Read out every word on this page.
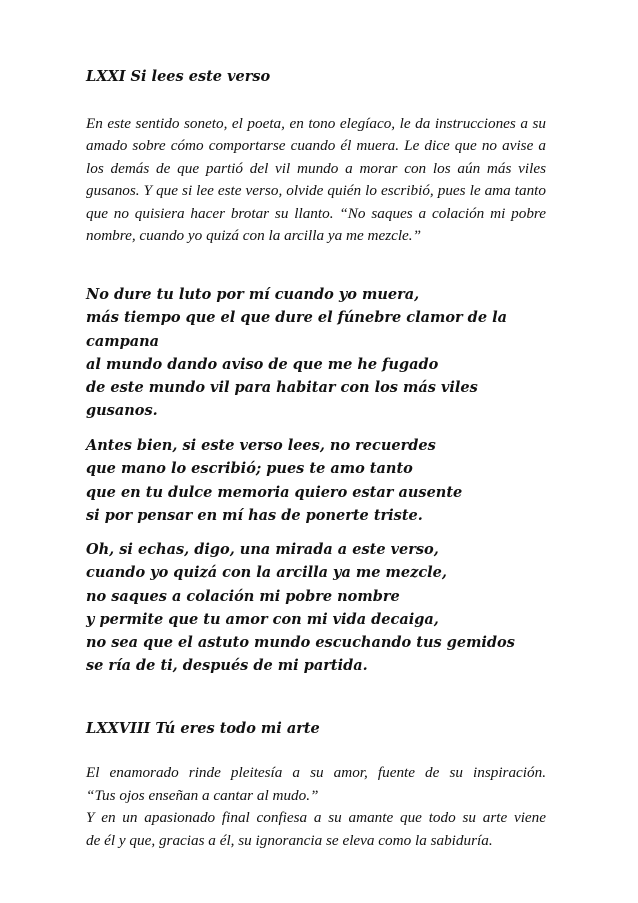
LXXI Si lees este verso

En este sentido soneto, el poeta, en tono elegíaco, le da instrucciones a su amado sobre cómo comportarse cuando él muera. Le dice que no avise a los demás de que partió del vil mundo a morar con los aún más viles gusanos. Y que si lee este verso, olvide quién lo escribió, pues le ama tanto que no quisiera hacer brotar su llanto. “No saques a colación mi pobre nombre, cuando yo quizá con la arcilla ya me mezcle.”

No dure tu luto por mí cuando yo muera,
más tiempo que el que dure el fúnebre clamor de la
campana
al mundo dando aviso de que me he fugado
de este mundo vil para habitar con los más viles
gusanos.
Antes bien, si este verso lees, no recuerdes
que mano lo escribió; pues te amo tanto
que en tu dulce memoria quiero estar ausente
si por pensar en mí has de ponerte triste.
Oh, si echas, digo, una mirada a este verso,
cuando yo quizá con la arcilla ya me mezcle,
no saques a colación mi pobre nombre
y permite que tu amor con mi vida decaiga,
no sea que el astuto mundo escuchando tus gemidos
se ría de ti, después de mi partida.
LXXVIII Tú eres todo mi arte
El enamorado rinde pleitesía a su amor, fuente de su inspiración.
“Tus ojos enseñan a cantar al mudo.”
Y en un apasionado final confiesa a su amante que todo su arte viene
de él y que, gracias a él, su ignorancia se eleva como la sabiduría.
